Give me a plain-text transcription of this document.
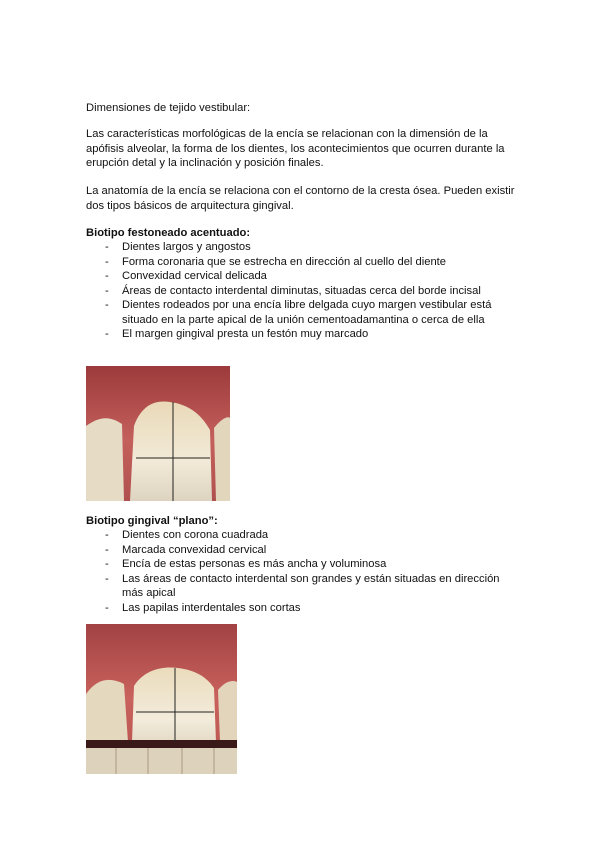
Dimensiones de tejido vestibular:

Las características morfológicas de la encía se relacionan con la dimensión de la apófisis alveolar, la forma de los dientes, los acontecimientos que ocurren durante la erupción detal y la inclinación y posición finales.

La anatomía de la encía se relaciona con el contorno de la cresta ósea. Pueden existir dos tipos básicos de arquitectura gingival.

Biotipo festoneado acentuado:

- Dientes largos y angostos
- Forma coronaria que se estrecha en dirección al cuello del diente
- Convexidad cervical delicada
- Áreas de contacto interdental diminutas, situadas cerca del borde incisal
- Dientes rodeados por una encía libre delgada cuyo margen vestibular está situado en la parte apical de la unión cementoadamantina o cerca de ella
- El margen gingival presta un festón muy marcado

Biotipo gingival “plano”:

- Dientes con corona cuadrada
- Marcada convexidad cervical
- Encía de estas personas es más ancha y voluminosa
- Las áreas de contacto interdental son grandes y están situadas en dirección más apical
- Las papilas interdentales son cortas
